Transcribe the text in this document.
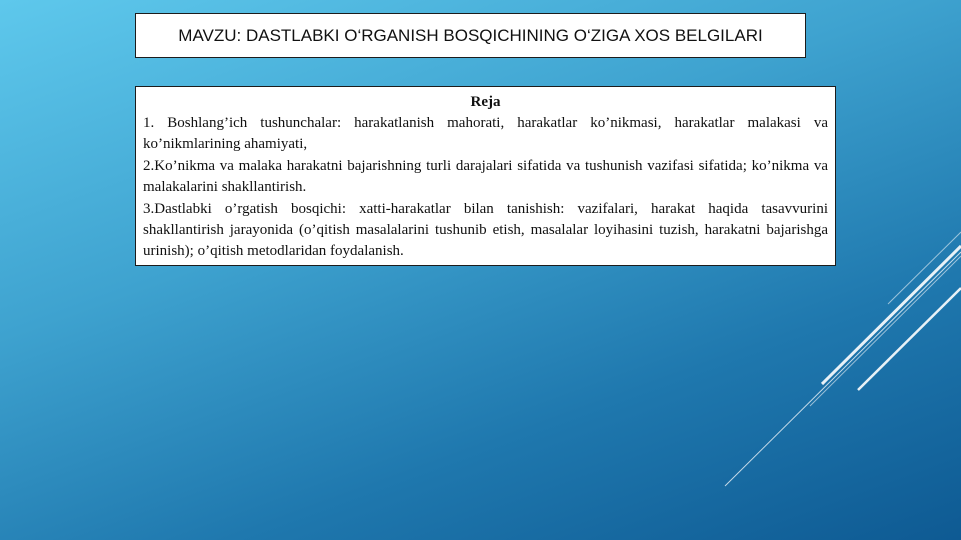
MAVZU: DASTLABKI O‘RGANISH BOSQICHINING O‘ZIGA XOS BELGILARI

Reja

1. Boshlang’ich tushunchalar: harakatlanish mahorati, harakatlar ko’nikmasi, harakatlar malakasi va ko’nikmlarining ahamiyati,

2.Ko’nikma va malaka harakatni bajarishning turli darajalari sifatida va tushunish vazifasi sifatida; ko’nikma va malakalarini shakllantirish.

3.Dastlabki o’rgatish bosqichi: xatti-harakatlar bilan tanishish: vazifalari, harakat haqida tasavvurini shakllantirish jarayonida (o’qitish masalalarini tushunib etish, masalalar loyihasini tuzish, harakatni bajarishga urinish); o’qitish metodlaridan foydalanish.
